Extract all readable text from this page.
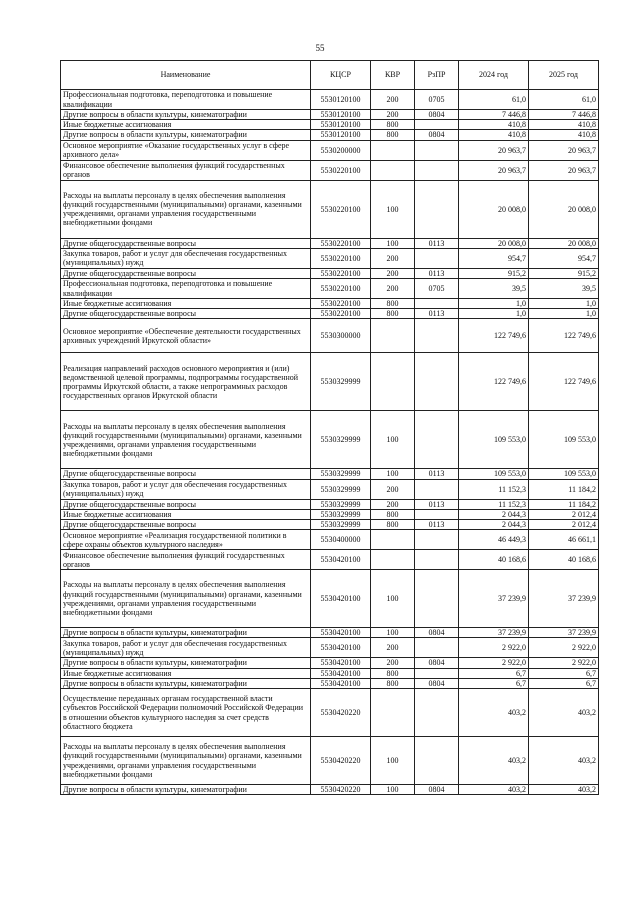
55
Наименование	КЦСР	КВР	РзПР	2024 год	2025 год
Профессиональная подготовка, переподготовка и повышение квалификации	5530120100	200	0705	61,0	61,0
Другие вопросы в области культуры, кинематографии	5530120100	200	0804	7 446,8	7 446,8
Иные бюджетные ассигнования	5530120100	800		410,8	410,8
Другие вопросы в области культуры, кинематографии	5530120100	800	0804	410,8	410,8
Основное мероприятие «Оказание государственных услуг в сфере архивного дела»	5530200000			20 963,7	20 963,7
Финансовое обеспечение выполнения функций государственных органов	5530220100			20 963,7	20 963,7
Расходы на выплаты персоналу в целях обеспечения выполнения функций государственными (муниципальными) органами, казенными учреждениями, органами управления государственными внебюджетными фондами	5530220100	100		20 008,0	20 008,0
Другие общегосударственные вопросы	5530220100	100	0113	20 008,0	20 008,0
Закупка товаров, работ и услуг для обеспечения государственных (муниципальных) нужд	5530220100	200		954,7	954,7
Другие общегосударственные вопросы	5530220100	200	0113	915,2	915,2
Профессиональная подготовка, переподготовка и повышение квалификации	5530220100	200	0705	39,5	39,5
Иные бюджетные ассигнования	5530220100	800		1,0	1,0
Другие общегосударственные вопросы	5530220100	800	0113	1,0	1,0
Основное мероприятие «Обеспечение деятельности государственных архивных учреждений Иркутской области»	5530300000			122 749,6	122 749,6
Реализация направлений расходов основного мероприятия и (или) ведомственной целевой программы, подпрограммы государственной программы Иркутской области, а также непрограммных расходов государственных органов Иркутской области	5530329999			122 749,6	122 749,6
Расходы на выплаты персоналу в целях обеспечения выполнения функций государственными (муниципальными) органами, казенными учреждениями, органами управления государственными внебюджетными фондами	5530329999	100		109 553,0	109 553,0
Другие общегосударственные вопросы	5530329999	100	0113	109 553,0	109 553,0
Закупка товаров, работ и услуг для обеспечения государственных (муниципальных) нужд	5530329999	200		11 152,3	11 184,2
Другие общегосударственные вопросы	5530329999	200	0113	11 152,3	11 184,2
Иные бюджетные ассигнования	5530329999	800		2 044,3	2 012,4
Другие общегосударственные вопросы	5530329999	800	0113	2 044,3	2 012,4
Основное мероприятие «Реализация государственной политики в сфере охраны объектов культурного наследия»	5530400000			46 449,3	46 661,1
Финансовое обеспечение выполнения функций государственных органов	5530420100			40 168,6	40 168,6
Расходы на выплаты персоналу в целях обеспечения выполнения функций государственными (муниципальными) органами, казенными учреждениями, органами управления государственными внебюджетными фондами	5530420100	100		37 239,9	37 239,9
Другие вопросы в области культуры, кинематографии	5530420100	100	0804	37 239,9	37 239,9
Закупка товаров, работ и услуг для обеспечения государственных (муниципальных) нужд	5530420100	200		2 922,0	2 922,0
Другие вопросы в области культуры, кинематографии	5530420100	200	0804	2 922,0	2 922,0
Иные бюджетные ассигнования	5530420100	800		6,7	6,7
Другие вопросы в области культуры, кинематографии	5530420100	800	0804	6,7	6,7
Осуществление переданных органам государственной власти субъектов Российской Федерации полномочий Российской Федерации в отношении объектов культурного наследия за счет средств областного бюджета	5530420220			403,2	403,2
Расходы на выплаты персоналу в целях обеспечения выполнения функций государственными (муниципальными) органами, казенными учреждениями, органами управления государственными внебюджетными фондами	5530420220	100		403,2	403,2
Другие вопросы в области культуры, кинематографии	5530420220	100	0804	403,2	403,2
